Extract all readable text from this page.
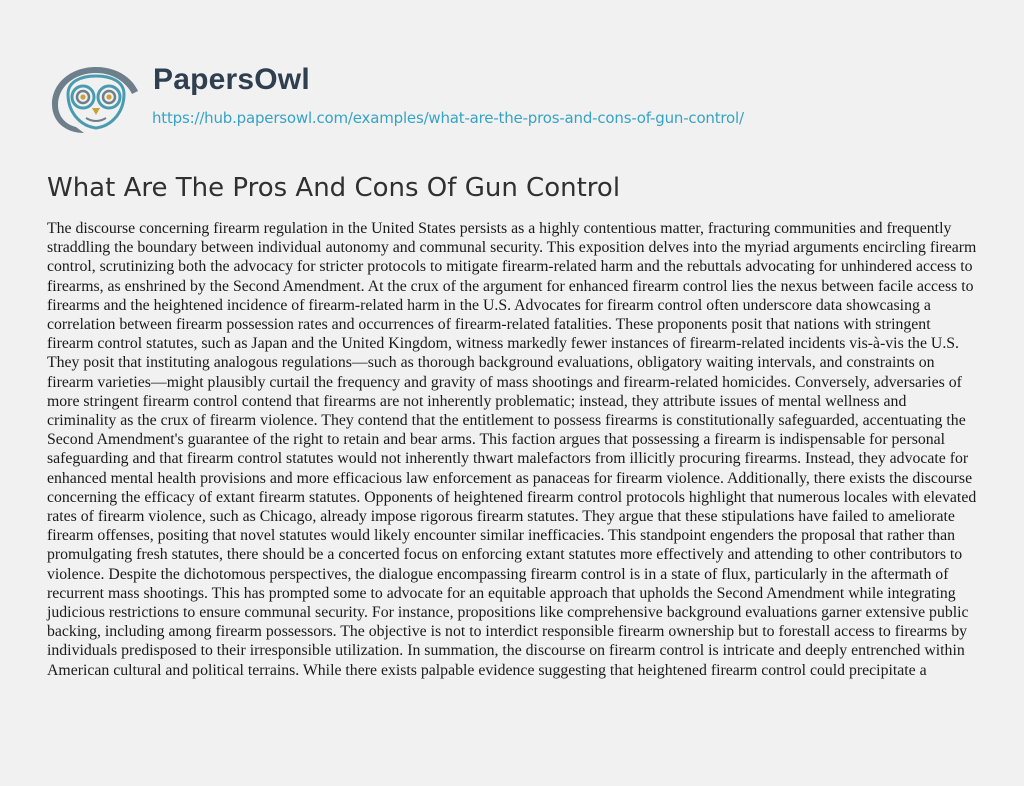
PapersOwl
https://hub.papersowl.com/examples/what-are-the-pros-and-cons-of-gun-control/
What Are The Pros And Cons Of Gun Control

The discourse concerning firearm regulation in the United States persists as a highly contentious matter, fracturing communities and frequently straddling the boundary between individual autonomy and communal security. This exposition delves into the myriad arguments encircling firearm control, scrutinizing both the advocacy for stricter protocols to mitigate firearm-related harm and the rebuttals advocating for unhindered access to firearms, as enshrined by the Second Amendment. At the crux of the argument for enhanced firearm control lies the nexus between facile access to firearms and the heightened incidence of firearm-related harm in the U.S. Advocates for firearm control often underscore data showcasing a correlation between firearm possession rates and occurrences of firearm-related fatalities. These proponents posit that nations with stringent firearm control statutes, such as Japan and the United Kingdom, witness markedly fewer instances of firearm-related incidents vis-à-vis the U.S. They posit that instituting analogous regulations—such as thorough background evaluations, obligatory waiting intervals, and constraints on firearm varieties—might plausibly curtail the frequency and gravity of mass shootings and firearm-related homicides. Conversely, adversaries of more stringent firearm control contend that firearms are not inherently problematic; instead, they attribute issues of mental wellness and criminality as the crux of firearm violence. They contend that the entitlement to possess firearms is constitutionally safeguarded, accentuating the Second Amendment's guarantee of the right to retain and bear arms. This faction argues that possessing a firearm is indispensable for personal safeguarding and that firearm control statutes would not inherently thwart malefactors from illicitly procuring firearms. Instead, they advocate for enhanced mental health provisions and more efficacious law enforcement as panaceas for firearm violence. Additionally, there exists the discourse concerning the efficacy of extant firearm statutes. Opponents of heightened firearm control protocols highlight that numerous locales with elevated rates of firearm violence, such as Chicago, already impose rigorous firearm statutes. They argue that these stipulations have failed to ameliorate firearm offenses, positing that novel statutes would likely encounter similar inefficacies. This standpoint engenders the proposal that rather than promulgating fresh statutes, there should be a concerted focus on enforcing extant statutes more effectively and attending to other contributors to violence. Despite the dichotomous perspectives, the dialogue encompassing firearm control is in a state of flux, particularly in the aftermath of recurrent mass shootings. This has prompted some to advocate for an equitable approach that upholds the Second Amendment while integrating judicious restrictions to ensure communal security. For instance, propositions like comprehensive background evaluations garner extensive public backing, including among firearm possessors. The objective is not to interdict responsible firearm ownership but to forestall access to firearms by individuals predisposed to their irresponsible utilization. In summation, the discourse on firearm control is intricate and deeply entrenched within American cultural and political terrains. While there exists palpable evidence suggesting that heightened firearm control could precipitate a
